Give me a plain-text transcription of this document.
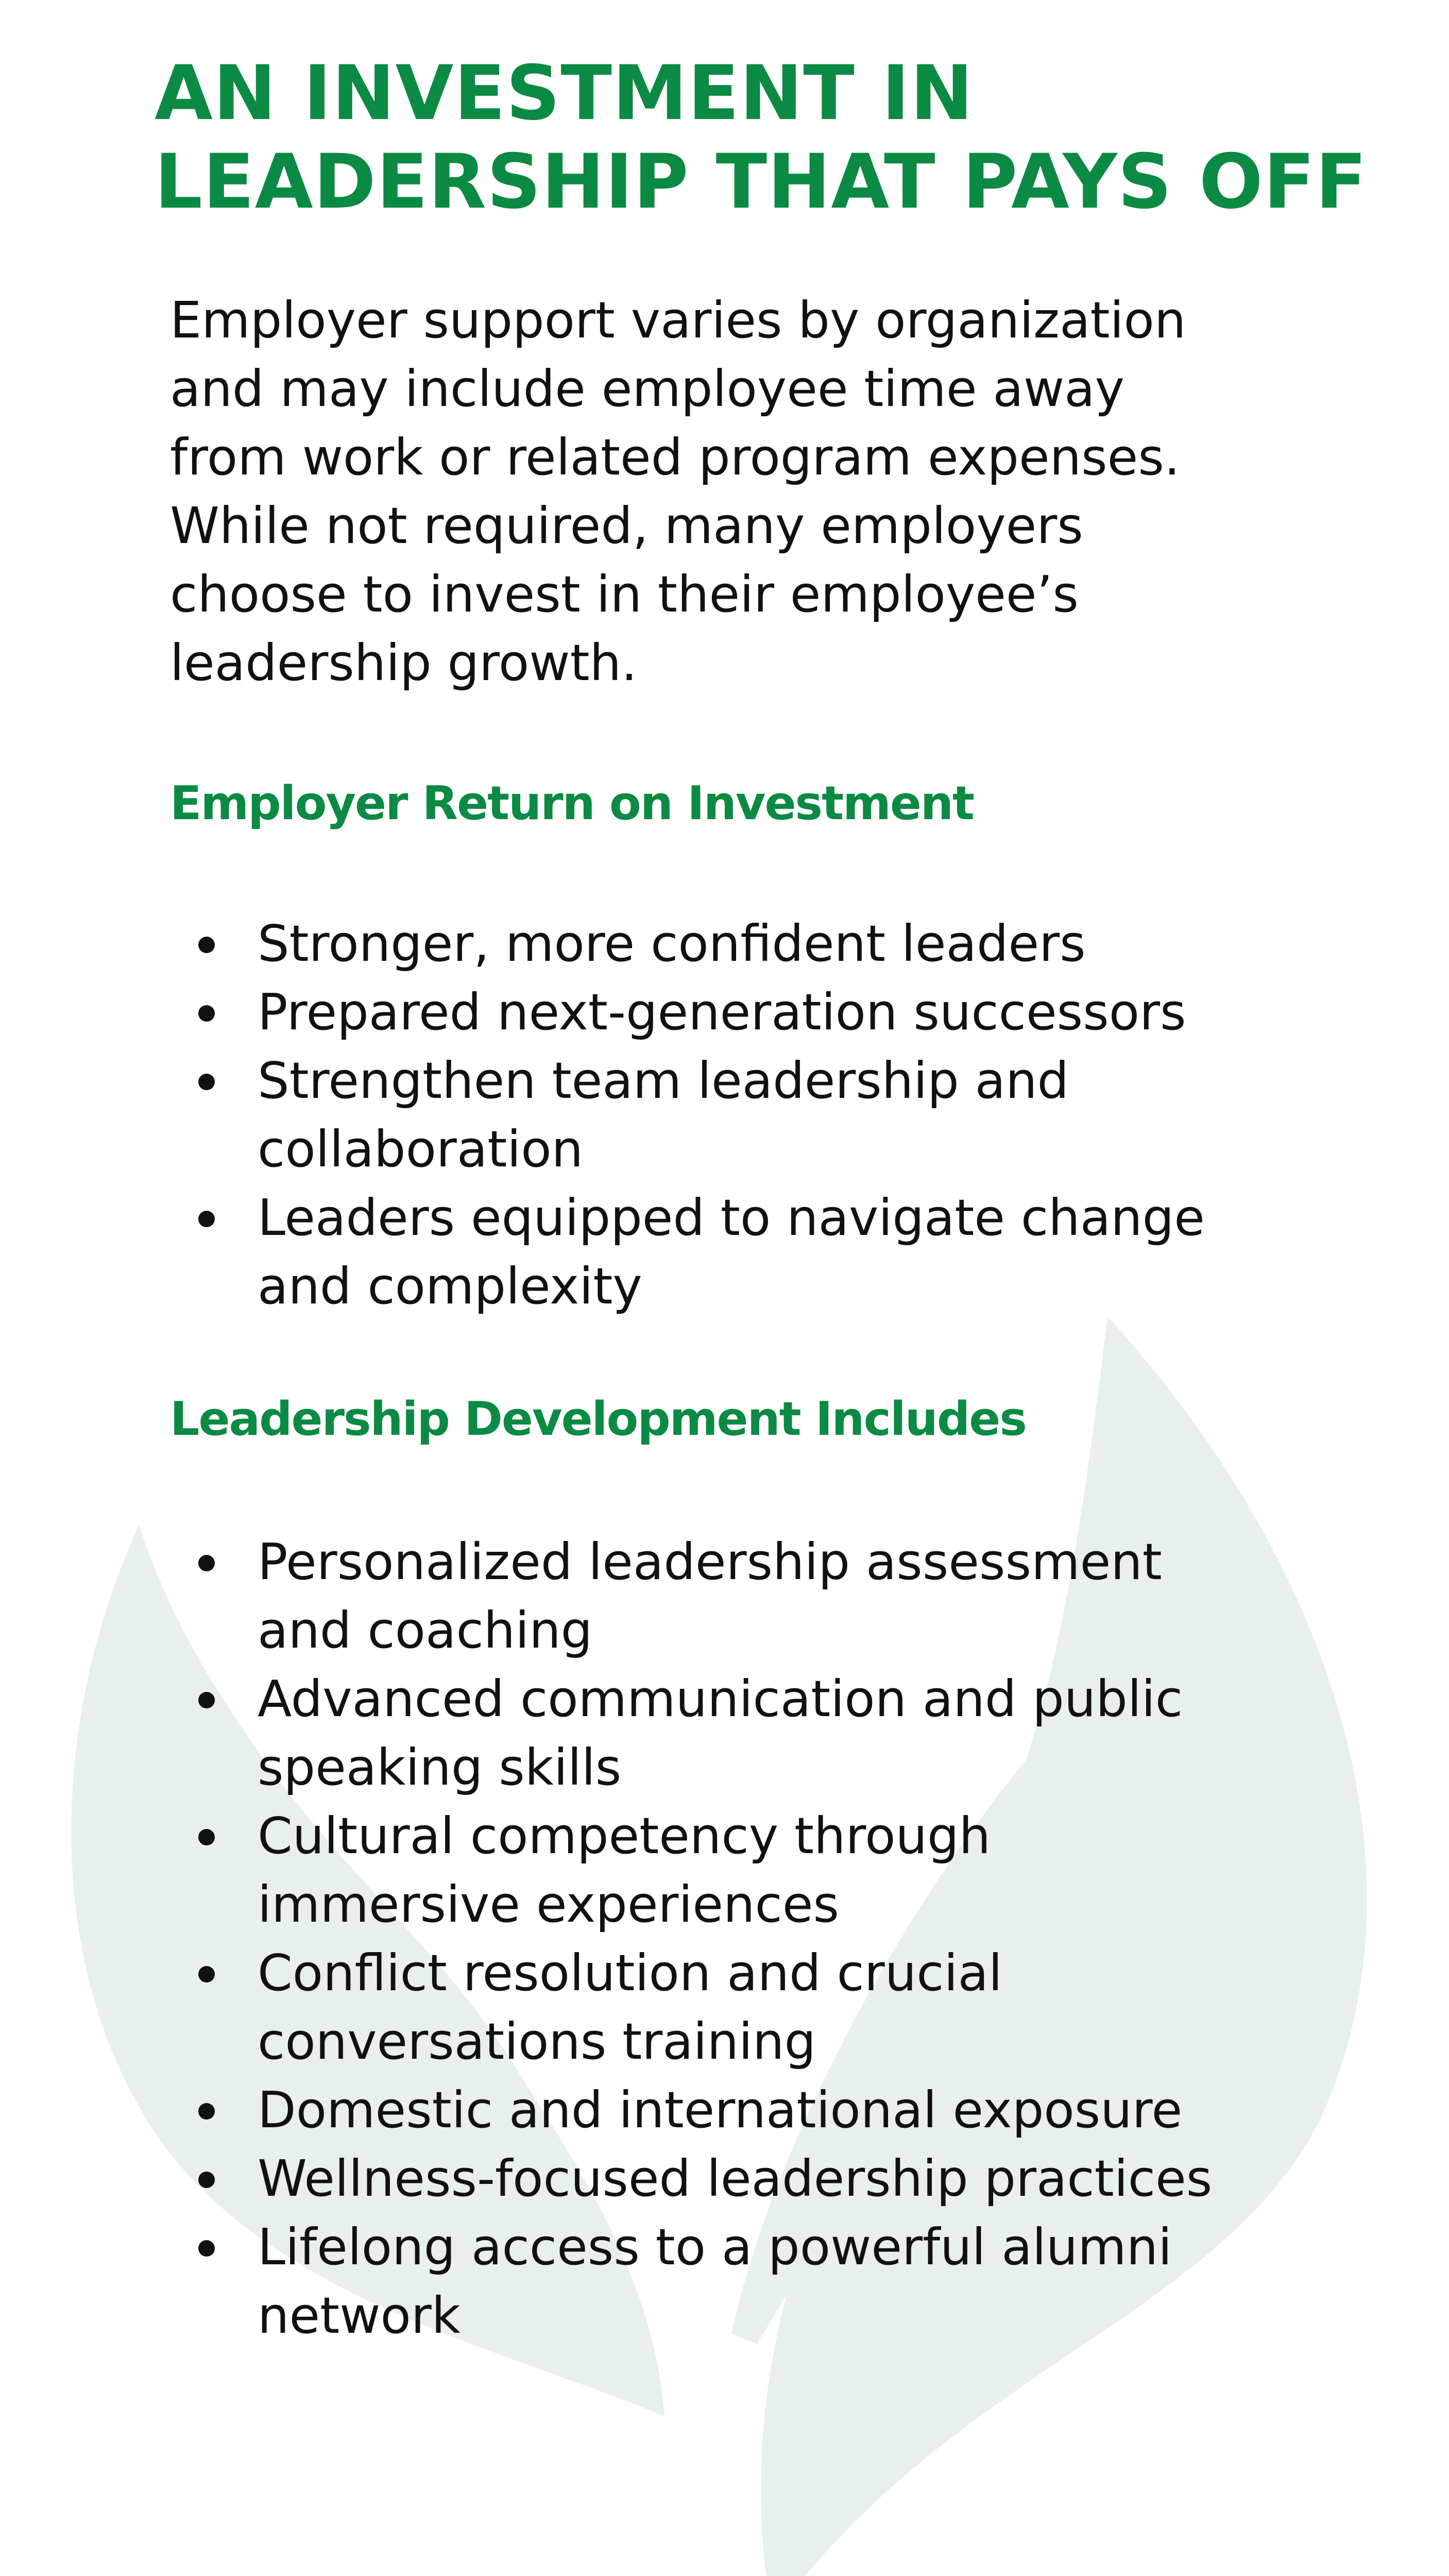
AN INVESTMENT IN
LEADERSHIP THAT PAYS OFF

Employer support varies by organization
and may include employee time away
from work or related program expenses.
While not required, many employers
choose to invest in their employee’s
leadership growth.

Employer Return on Investment
Stronger, more confident leaders
Prepared next-generation successors
Strengthen team leadership and
collaboration
Leaders equipped to navigate change
and complexity
Leadership Development Includes
Personalized leadership assessment
and coaching
Advanced communication and public
speaking skills
Cultural competency through
immersive experiences
Conflict resolution and crucial
conversations training
Domestic and international exposure
Wellness-focused leadership practices
Lifelong access to a powerful alumni
network
